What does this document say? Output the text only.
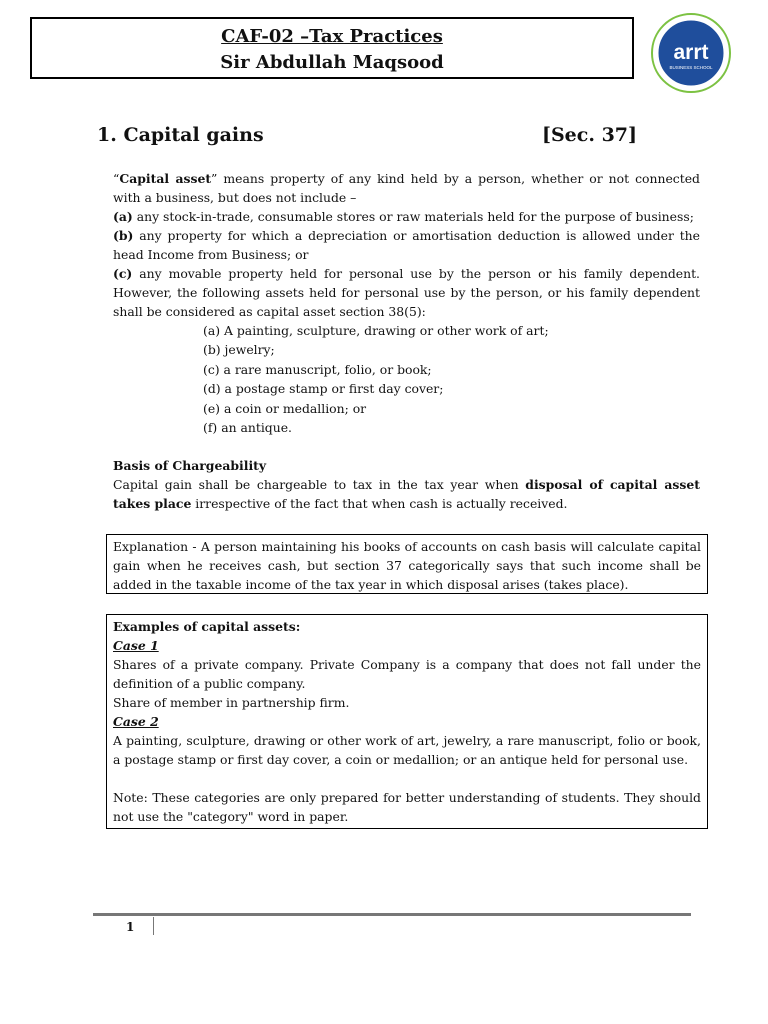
CAF-02 –Tax Practices
Sir Abdullah Maqsood	arrt
BUSINESS SCHOOL
1. Capital gains	[Sec. 37]

“Capital asset” means property of any kind held by a person, whether or not connected with a business, but does not include –

(a) any stock-in-trade, consumable stores or raw materials held for the purpose of business;

(b) any property for which a depreciation or amortisation deduction is allowed under the head Income from Business; or

(c) any movable property held for personal use by the person or his family dependent. However, the following assets held for personal use by the person, or his family dependent shall be considered as capital asset section 38(5):

(a) A painting, sculpture, drawing or other work of art;
(b) jewelry;
(c) a rare manuscript, folio, or book;
(d) a postage stamp or first day cover;
(e) a coin or medallion; or
(f) an antique.

Basis of Chargeability

Capital gain shall be chargeable to tax in the tax year when disposal of capital asset takes place irrespective of the fact that when cash is actually received.

Explanation - A person maintaining his books of accounts on cash basis will calculate capital gain when he receives cash, but section 37 categorically says that such income shall be added in the taxable income of the tax year in which disposal arises (takes place).

Examples of capital assets:

Case 1

Shares of a private company. Private Company is a company that does not fall under the definition of a public company.

Share of member in partnership firm.

Case 2

A painting, sculpture, drawing or other work of art, jewelry, a rare manuscript, folio or book, a postage stamp or first day cover, a coin or medallion; or an antique held for personal use.

Note: These categories are only prepared for better understanding of students. They should not use the "category" word in paper.

1
